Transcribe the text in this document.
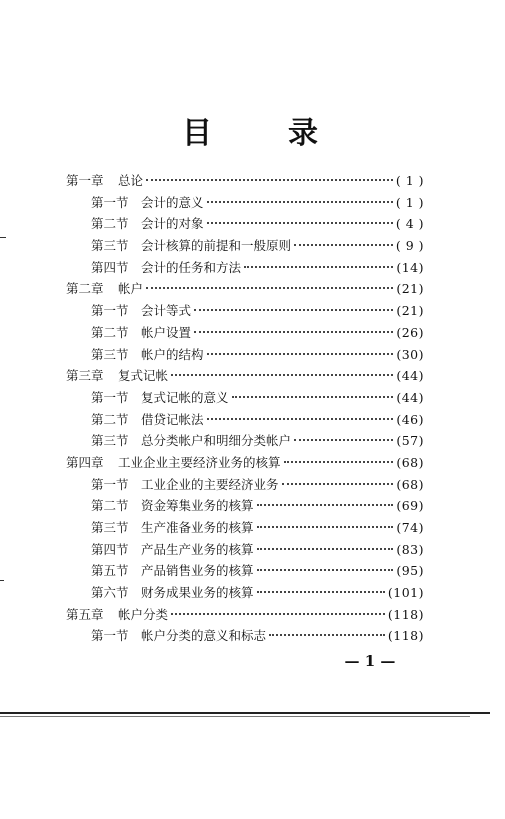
目	录
第一章	总论	( 1 )
第一节 会计的意义	( 1 )
第二节 会计的对象	( 4 )
第三节 会计核算的前提和一般原则	( 9 )
第四节 会计的任务和方法	(14)
第二章	帐户	(21)
第一节 会计等式	(21)
第二节 帐户设置	(26)
第三节 帐户的结构	(30)
第三章	复式记帐	(44)
第一节 复式记帐的意义	(44)
第二节 借贷记帐法	(46)
第三节 总分类帐户和明细分类帐户	(57)
第四章	工业企业主要经济业务的核算	(68)
第一节 工业企业的主要经济业务	(68)
第二节 资金筹集业务的核算	(69)
第三节 生产准备业务的核算	(74)
第四节 产品生产业务的核算	(83)
第五节 产品销售业务的核算	(95)
第六节 财务成果业务的核算	(101)
第五章	帐户分类	(118)
第一节 帐户分类的意义和标志	(118)
— 1 —
